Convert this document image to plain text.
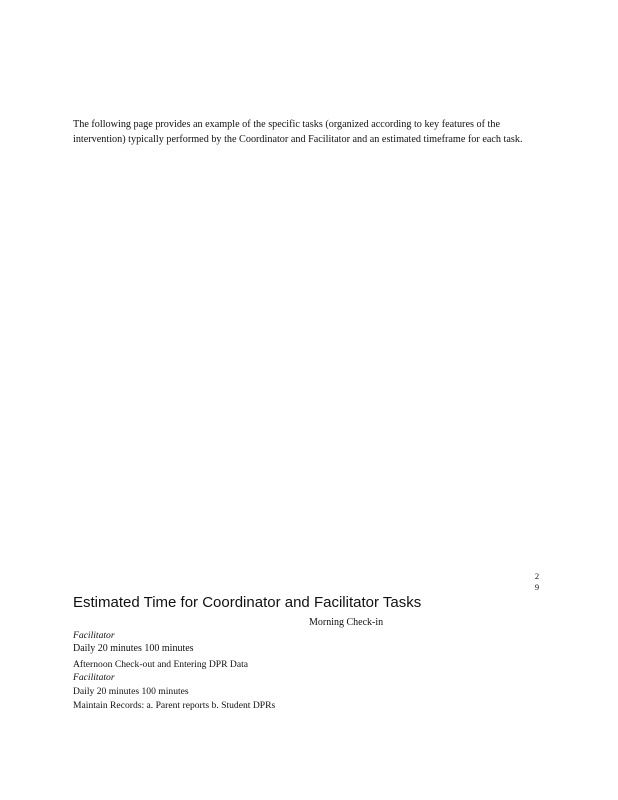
The following page provides an example of the specific tasks (organized according to key features of the intervention) typically performed by the Coordinator and Facilitator and an estimated timeframe for each task.

2
9
Estimated Time for Coordinator and Facilitator Tasks
Morning Check-in
Facilitator
Daily 20 minutes 100 minutes
Afternoon Check-out and Entering DPR Data
Facilitator
Daily 20 minutes 100 minutes
Maintain Records: a. Parent reports b. Student DPRs
